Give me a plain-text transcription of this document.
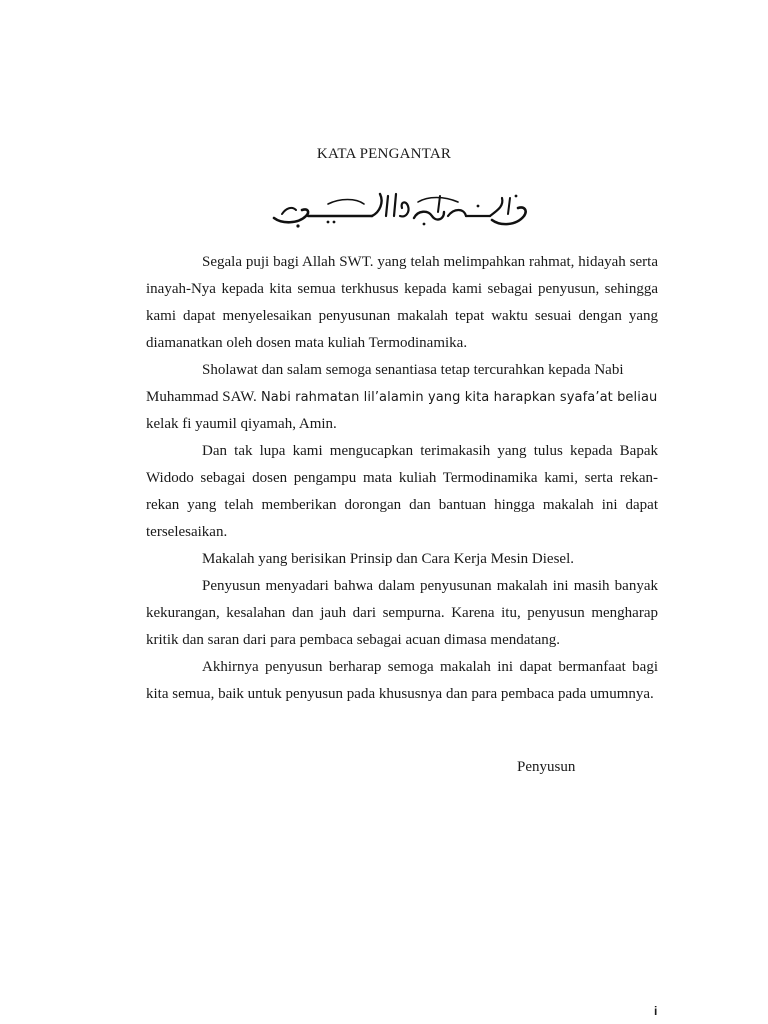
KATA PENGANTAR

Segala puji bagi Allah SWT. yang telah melimpahkan rahmat, hidayah serta inayah-Nya kepada kita semua terkhusus kepada kami sebagai penyusun, sehingga kami dapat menyelesaikan penyusunan makalah tepat waktu sesuai dengan yang diamanatkan oleh dosen mata kuliah Termodinamika.

Sholawat dan salam semoga senantiasa tetap tercurahkan kepada Nabi
Muhammad SAW. Nabi rahmatan lil’alamin yang kita harapkan syafa’at beliau
kelak fi yaumil qiyamah, Amin.

Dan tak lupa kami mengucapkan terimakasih yang tulus kepada Bapak Widodo sebagai dosen pengampu mata kuliah Termodinamika kami, serta rekan-rekan yang telah memberikan dorongan dan bantuan hingga makalah ini dapat terselesaikan.

Makalah yang berisikan Prinsip dan Cara Kerja Mesin Diesel.

Penyusun menyadari bahwa dalam penyusunan makalah ini masih banyak kekurangan, kesalahan dan jauh dari sempurna. Karena itu, penyusun mengharap kritik dan saran dari para pembaca sebagai acuan dimasa mendatang.

Akhirnya penyusun berharap semoga makalah ini dapat bermanfaat bagi kita semua, baik untuk penyusun pada khususnya dan para pembaca pada umumnya.

Penyusun
i
